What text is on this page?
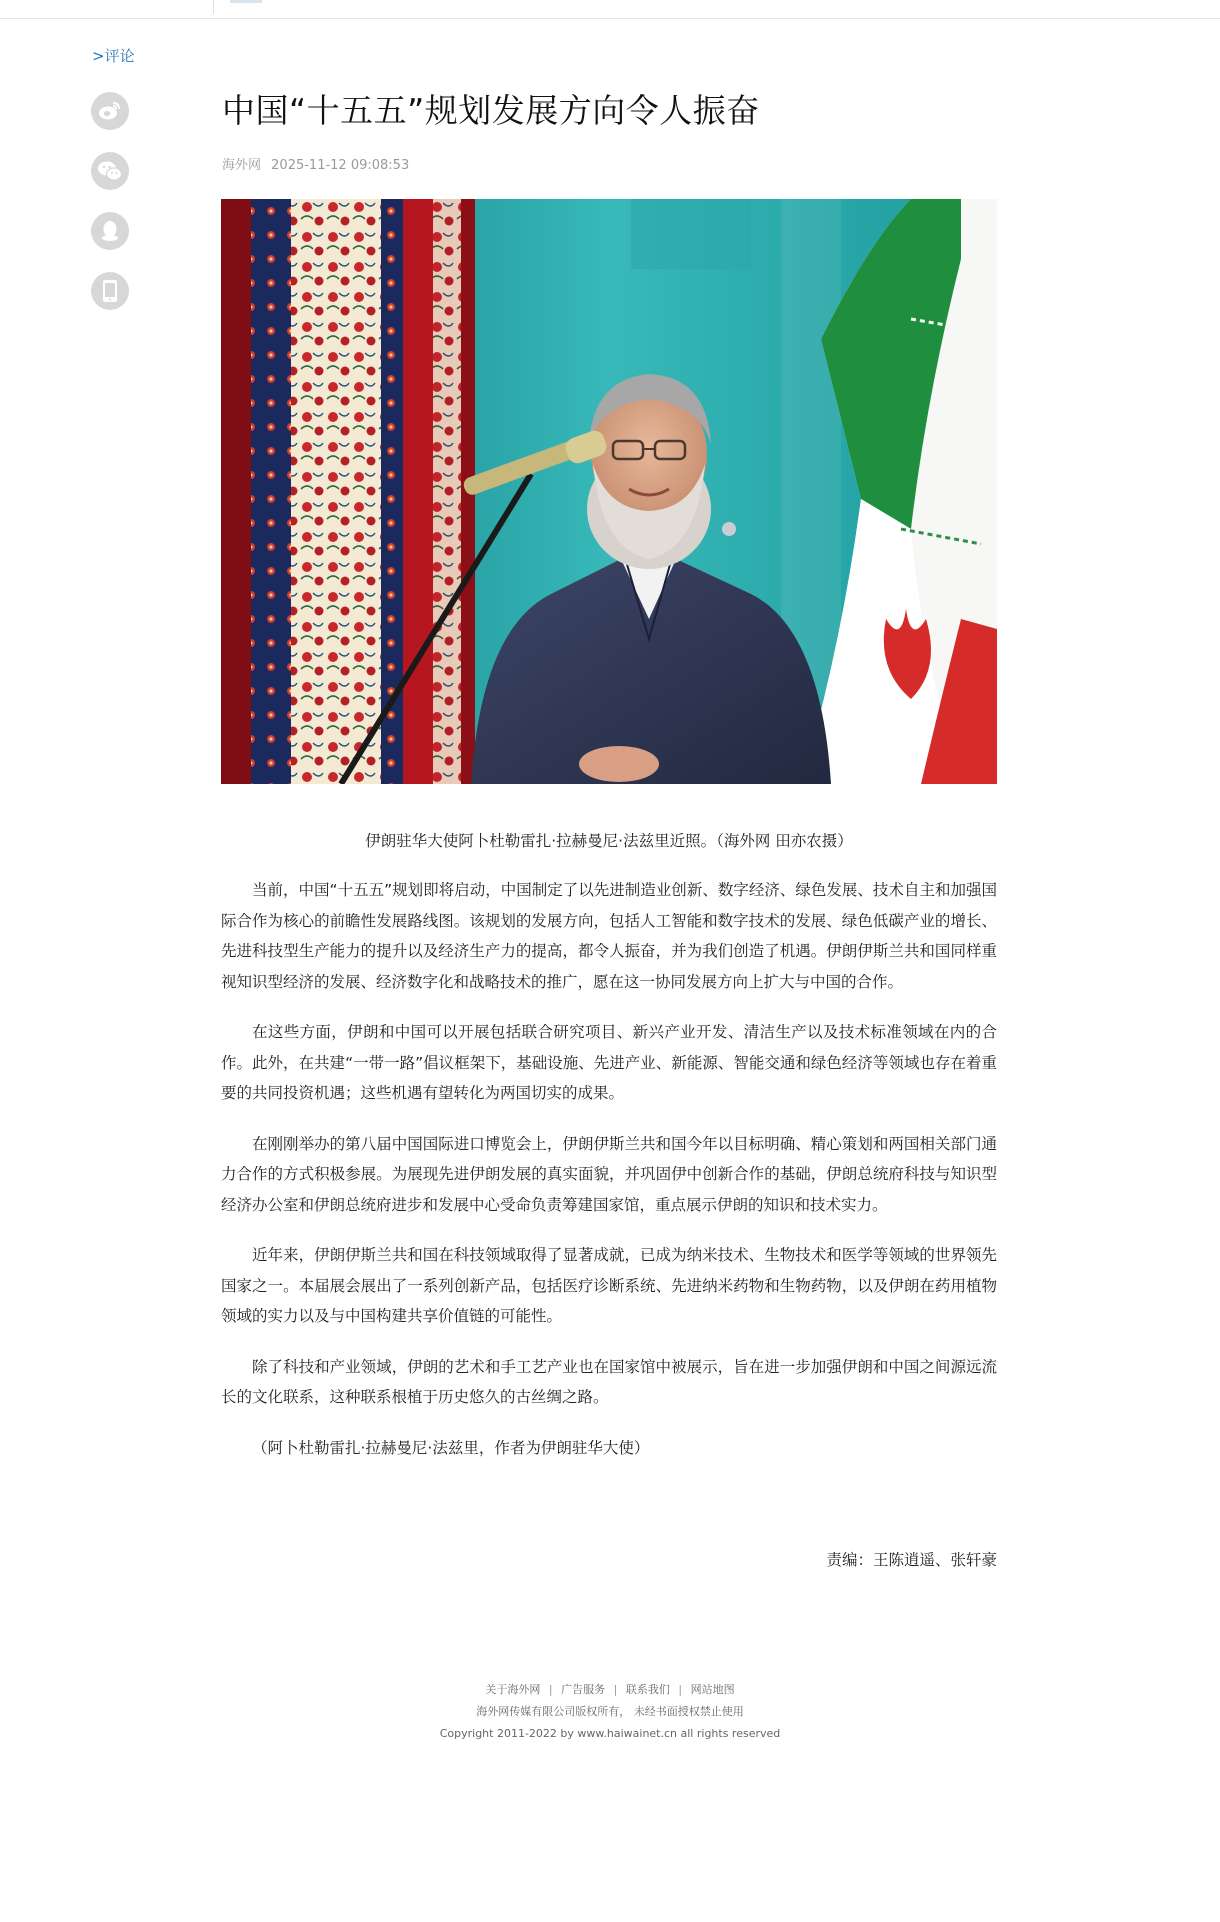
>评论
中国“十五五”规划发展方向令人振奋
海外网 2025-11-12 09:08:53
伊朗驻华大使阿卜杜勒雷扎·拉赫曼尼·法兹里近照。（海外网 田亦农摄）

当前，中国“十五五”规划即将启动，中国制定了以先进制造业创新、数字经济、绿色发展、技术自主和加强国际合作为核心的前瞻性发展路线图。该规划的发展方向，包括人工智能和数字技术的发展、绿色低碳产业的增长、先进科技型生产能力的提升以及经济生产力的提高，都令人振奋，并为我们创造了机遇。伊朗伊斯兰共和国同样重视知识型经济的发展、经济数字化和战略技术的推广，愿在这一协同发展方向上扩大与中国的合作。

在这些方面，伊朗和中国可以开展包括联合研究项目、新兴产业开发、清洁生产以及技术标准领域在内的合作。此外，在共建“一带一路”倡议框架下，基础设施、先进产业、新能源、智能交通和绿色经济等领域也存在着重要的共同投资机遇；这些机遇有望转化为两国切实的成果。

在刚刚举办的第八届中国国际进口博览会上，伊朗伊斯兰共和国今年以目标明确、精心策划和两国相关部门通力合作的方式积极参展。为展现先进伊朗发展的真实面貌，并巩固伊中创新合作的基础，伊朗总统府科技与知识型经济办公室和伊朗总统府进步和发展中心受命负责筹建国家馆，重点展示伊朗的知识和技术实力。

近年来，伊朗伊斯兰共和国在科技领域取得了显著成就，已成为纳米技术、生物技术和医学等领域的世界领先国家之一。本届展会展出了一系列创新产品，包括医疗诊断系统、先进纳米药物和生物药物，以及伊朗在药用植物领域的实力以及与中国构建共享价值链的可能性。

除了科技和产业领域，伊朗的艺术和手工艺产业也在国家馆中被展示，旨在进一步加强伊朗和中国之间源远流长的文化联系，这种联系根植于历史悠久的古丝绸之路。

（阿卜杜勒雷扎·拉赫曼尼·法兹里，作者为伊朗驻华大使）

责编：王陈逍遥、张轩豪
关于海外网 | 广告服务 | 联系我们 | 网站地图
海外网传媒有限公司版权所有， 未经书面授权禁止使用
Copyright 2011-2022 by www.haiwainet.cn all rights reserved
